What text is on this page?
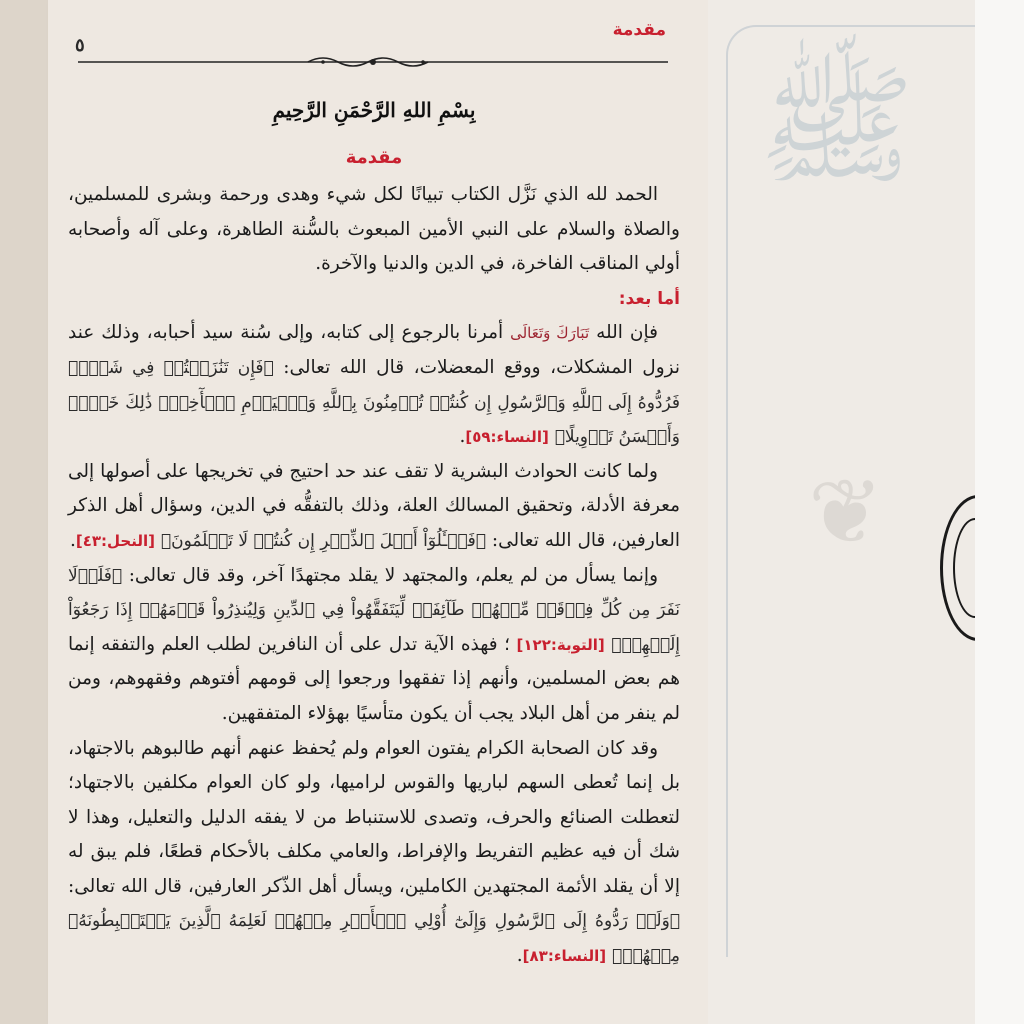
ﷺ
❦
مقدمة
٥
بِسْمِ اللهِ الرَّحْمَنِ الرَّحِيمِ
مقدمة

الحمد لله الذي نَزَّل الكتاب تبيانًا لكل شيء وهدى ورحمة وبشرى للمسلمين، والصلاة والسلام على النبي الأمين المبعوث بالسُّنة الطاهرة، وعلى آله وأصحابه أولي المناقب الفاخرة، في الدين والدنيا والآخرة.

أما بعد:

فإن الله تَبَارَكَ وَتَعَالَى أمرنا بالرجوع إلى كتابه، وإلى سُنة سيد أحبابه، وذلك عند نزول المشكلات، ووقع المعضلات، قال الله تعالى: ﴿فَإِن تَنَٰزَعۡتُمۡ فِي شَيۡءٖ فَرُدُّوهُ إِلَى ٱللَّهِ وَٱلرَّسُولِ إِن كُنتُمۡ تُؤۡمِنُونَ بِٱللَّهِ وَٱلۡيَوۡمِ ٱلۡأٓخِرِۚ ذَٰلِكَ خَيۡرٞ وَأَحۡسَنُ تَأۡوِيلًا﴾ [النساء:٥٩].

ولما كانت الحوادث البشرية لا تقف عند حد احتيج في تخريجها على أصولها إلى معرفة الأدلة، وتحقيق المسالك العلة، وذلك بالتفقُّه في الدين، وسؤال أهل الذكر العارفين، قال الله تعالى: ﴿فَسۡـَٔلُوٓاْ أَهۡلَ ٱلذِّكۡرِ إِن كُنتُمۡ لَا تَعۡلَمُونَ﴾ [النحل:٤٣].

وإنما يسأل من لم يعلم، والمجتهد لا يقلد مجتهدًا آخر، وقد قال تعالى: ﴿فَلَوۡلَا نَفَرَ مِن كُلِّ فِرۡقَةٖ مِّنۡهُمۡ طَآئِفَةٞ لِّيَتَفَقَّهُواْ فِي ٱلدِّينِ وَلِيُنذِرُواْ قَوۡمَهُمۡ إِذَا رَجَعُوٓاْ إِلَيۡهِمۡ﴾ [التوبة:١٢٢] ؛ فهذه الآية تدل على أن النافرين لطلب العلم والتفقه إنما هم بعض المسلمين، وأنهم إذا تفقهوا ورجعوا إلى قومهم أفتوهم وفقهوهم، ومن لم ينفر من أهل البلاد يجب أن يكون متأسيًا بهؤلاء المتفقهين.

وقد كان الصحابة الكرام يفتون العوام ولم يُحفظ عنهم أنهم طالبوهم بالاجتهاد، بل إنما تُعطى السهم لباريها والقوس لراميها، ولو كان العوام مكلفين بالاجتهاد؛ لتعطلت الصنائع والحرف، وتصدى للاستنباط من لا يفقه الدليل والتعليل، وهذا لا شك أن فيه عظيم التفريط والإفراط، والعامي مكلف بالأحكام قطعًا، فلم يبق له إلا أن يقلد الأئمة المجتهدين الكاملين، ويسأل أهل الذّكر العارفين، قال الله تعالى: ﴿وَلَوۡ رَدُّوهُ إِلَى ٱلرَّسُولِ وَإِلَىٰٓ أُوْلِي ٱلۡأَمۡرِ مِنۡهُمۡ لَعَلِمَهُ ٱلَّذِينَ يَسۡتَنۢبِطُونَهُۥ مِنۡهُمۡ﴾ [النساء:٨٣].
